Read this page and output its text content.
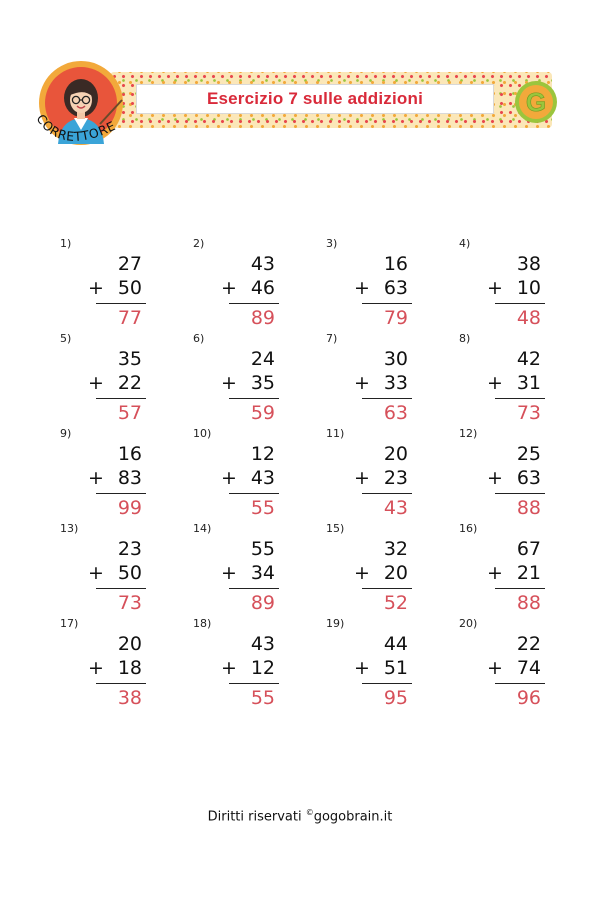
Esercizio 7 sulle addizioni
CORRETTORE
G
1)
27
+ 50
77
2)
43
+ 46
89
3)
16
+ 63
79
4)
38
+ 10
48
5)
35
+ 22
57
6)
24
+ 35
59
7)
30
+ 33
63
8)
42
+ 31
73
9)
16
+ 83
99
10)
12
+ 43
55
11)
20
+ 23
43
12)
25
+ 63
88
13)
23
+ 50
73
14)
55
+ 34
89
15)
32
+ 20
52
16)
67
+ 21
88
17)
20
+ 18
38
18)
43
+ 12
55
19)
44
+ 51
95
20)
22
+ 74
96
Diritti riservati ©gogobrain.it
